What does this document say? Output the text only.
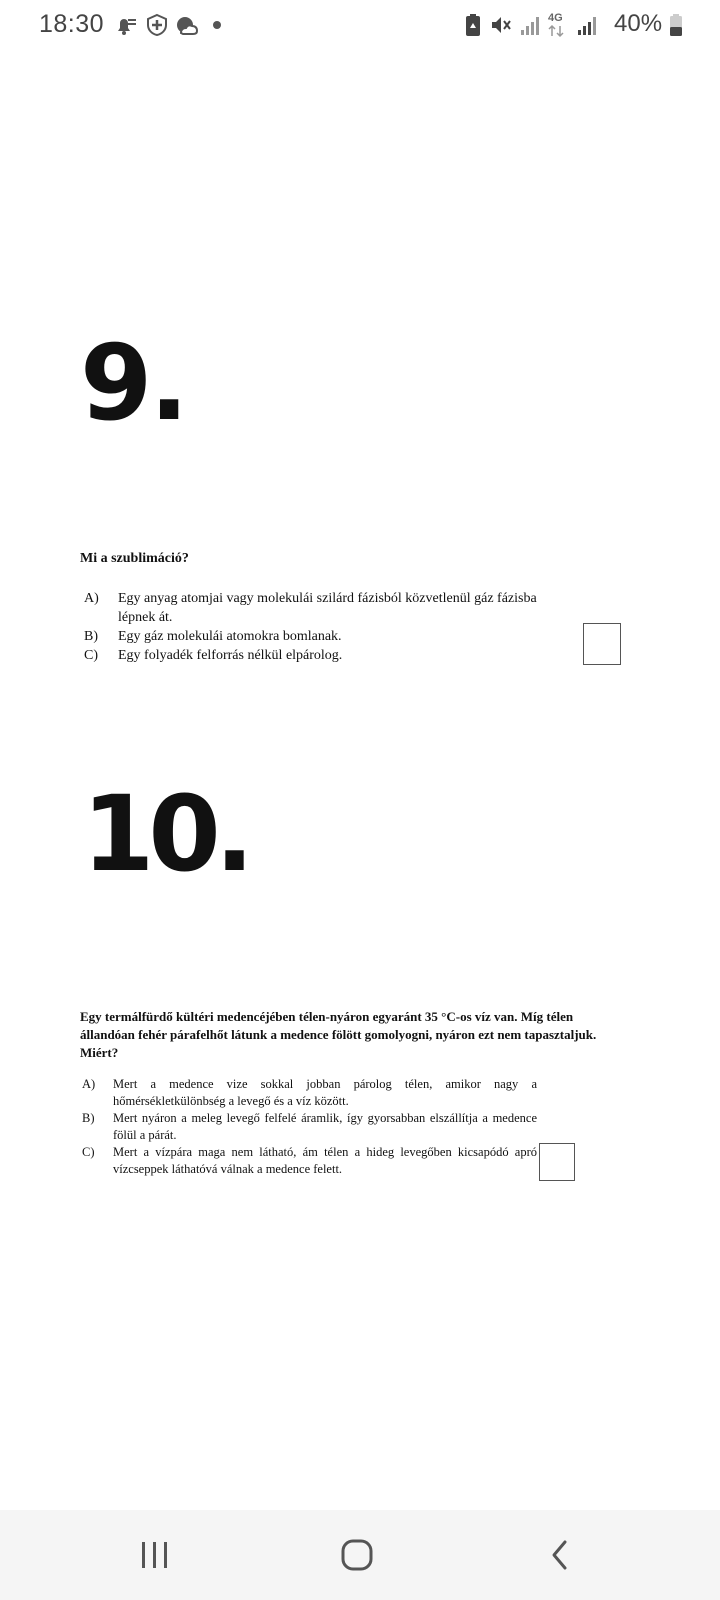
18:30	4G 40%
9.
Mi a szublimáció?
A) Egy anyag atomjai vagy molekulái szilárd fázisból közvetlenül gáz fázisba lépnek át.
B) Egy gáz molekulái atomokra bomlanak.
C) Egy folyadék felforrás nélkül elpárolog.
10.
Egy termálfürdő kültéri medencéjében télen-nyáron egyaránt 35 °C-os víz van. Míg télen állandóan fehér párafelhőt látunk a medence fölött gomolyogni, nyáron ezt nem tapasztaljuk. Miért?
A) Mert a medence vize sokkal jobban párolog télen, amikor nagy a hőmérsékletkülönbség a levegő és a víz között.
B) Mert nyáron a meleg levegő felfelé áramlik, így gyorsabban elszállítja a medence fölül a párát.
C) Mert a vízpára maga nem látható, ám télen a hideg levegőben kicsapódó apró vízcseppek láthatóvá válnak a medence felett.
